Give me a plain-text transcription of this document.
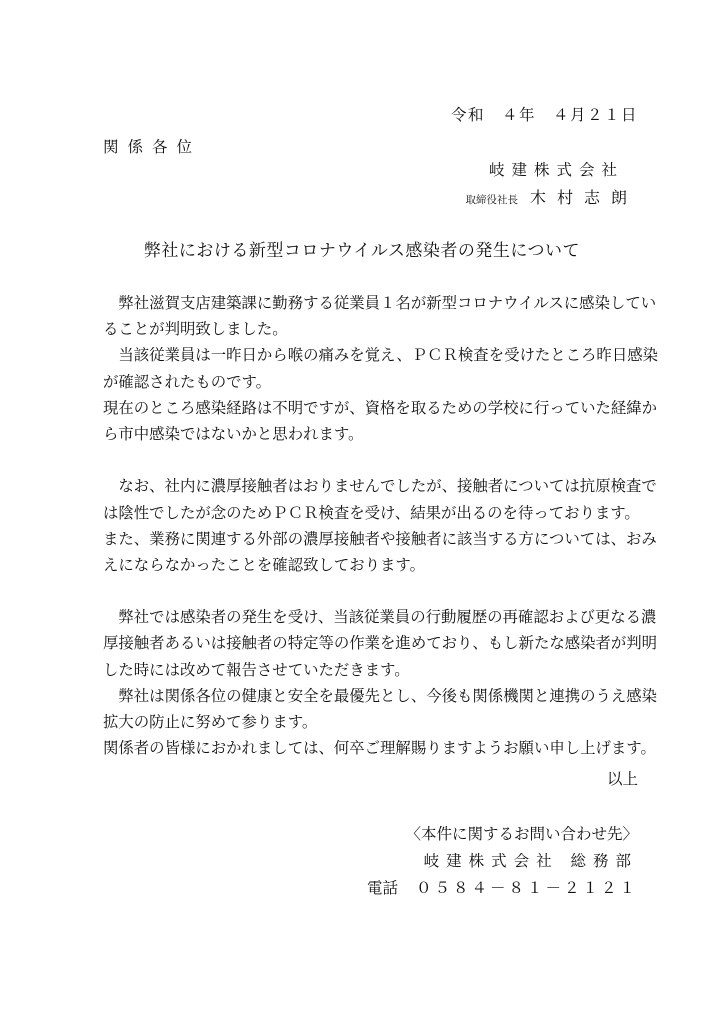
令和　４年　４月２１日
関係各位
岐建株式会社
取締役社長 木村志朗
弊社における新型コロナウイルス感染者の発生について
　弊社滋賀支店建築課に勤務する従業員１名が新型コロナウイルスに感染してい
ることが判明致しました。
　当該従業員は一昨日から喉の痛みを覚え、ＰＣＲ検査を受けたところ昨日感染
が確認されたものです。
現在のところ感染経路は不明ですが、資格を取るための学校に行っていた経緯か
ら市中感染ではないかと思われます。
　なお、社内に濃厚接触者はおりませんでしたが、接触者については抗原検査で
は陰性でしたが念のためＰＣＲ検査を受け、結果が出るのを待っております。
また、業務に関連する外部の濃厚接触者や接触者に該当する方については、おみ
えにならなかったことを確認致しております。
　弊社では感染者の発生を受け、当該従業員の行動履歴の再確認および更なる濃
厚接触者あるいは接触者の特定等の作業を進めており、もし新たな感染者が判明
した時には改めて報告させていただきます。
　弊社は関係各位の健康と安全を最優先とし、今後も関係機関と連携のうえ感染
拡大の防止に努めて参ります。
関係者の皆様におかれましては、何卒ご理解賜りますようお願い申し上げます。
以上
〈本件に関するお問い合わせ先〉
岐建株式会社 総務部
電話 ０５８４－８１－２１２１
